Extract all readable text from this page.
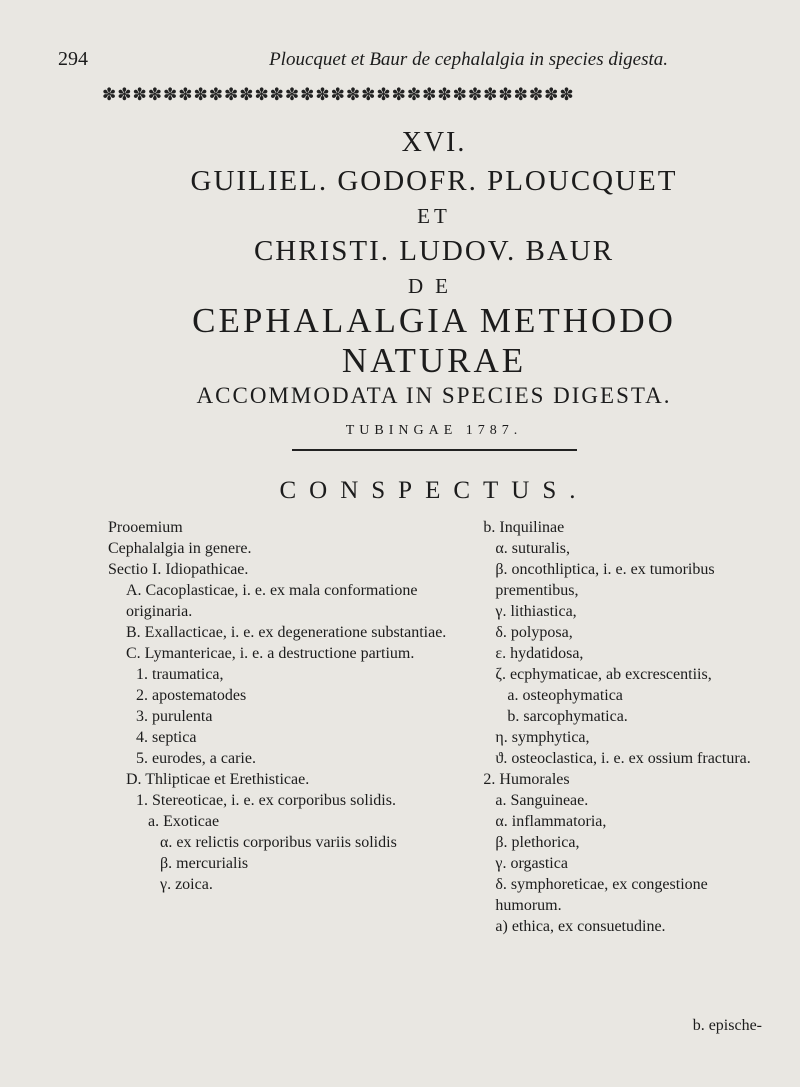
294	Ploucquet et Baur de cephalalgia in species digesta.
✽✽✽✽✽✽✽✽✽✽✽✽✽✽✽✽✽✽✽✽✽✽✽✽✽✽✽✽✽✽✽
XVI.
GUILIEL. GODOFR. PLOUCQUET
ET
CHRISTI. LUDOV. BAUR
DE
CEPHALALGIA METHODO NATURAE
ACCOMMODATA IN SPECIES DIGESTA.
TUBINGAE 1787.
CONSPECTUS.
Prooemium
Cephalalgia in genere.
Sectio I. Idiopathicae.
A. Cacoplasticae, i. e. ex mala conformatione originaria.
B. Exallacticae, i. e. ex degeneratione substantiae.
C. Lymantericae, i. e. a destructione partium.
1. traumatica,
2. apostematodes
3. purulenta
4. septica
5. eurodes, a carie.
D. Thlipticae et Erethisticae.
1. Stereoticae, i. e. ex corporibus solidis.
a. Exoticae
α. ex relictis corporibus variis solidis
β. mercurialis
γ. zoica.
b. Inquilinae
α. suturalis,
β. oncothliptica, i. e. ex tumoribus prementibus,
γ. lithiastica,
δ. polyposa,
ε. hydatidosa,
ζ. ecphymaticae, ab excrescentiis,
a. osteophymatica
b. sarcophymatica.
η. symphytica,
ϑ. osteoclastica, i. e. ex ossium fractura.
2. Humorales
a. Sanguineae.
α. inflammatoria,
β. plethorica,
γ. orgastica
δ. symphoreticae, ex congestione humorum.
a) ethica, ex consuetudine.
b. epische-
